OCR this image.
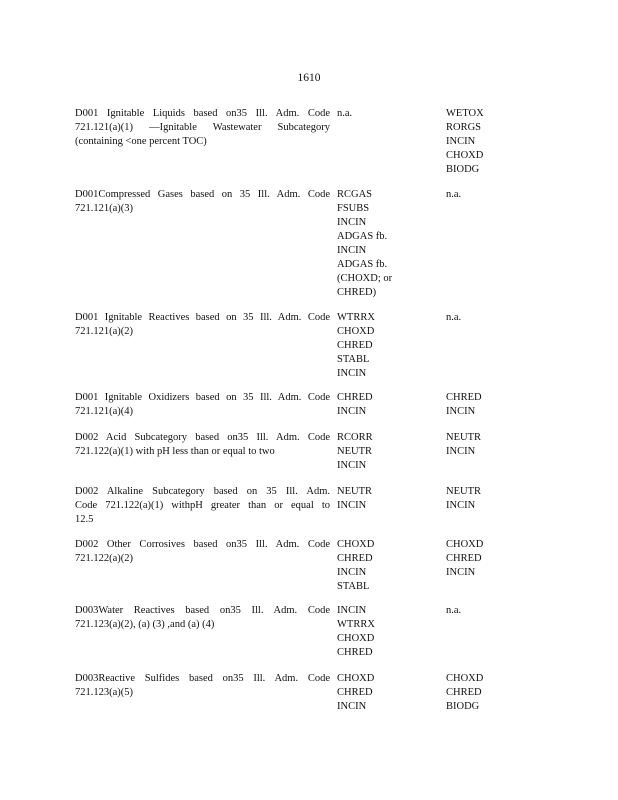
1610
D001 Ignitable Liquids based on35 Ill. Adm. Code
721.121(a)(1) —Ignitable Wastewater Subcategory
(containing <one percent TOC)
n.a.	WETOX
RORGS
INCIN
CHOXD
BIODG
D001Compressed Gases based on 35 Ill. Adm. Code
721.121(a)(3)
RCGAS
FSUBS
INCIN
ADGAS fb.
INCIN
ADGAS fb.
(CHOXD; or
CHRED)
n.a.
D001 Ignitable Reactives based on 35 Ill. Adm. Code
721.121(a)(2)
WTRRX
CHOXD
CHRED
STABL
INCIN
n.a.
D001 Ignitable Oxidizers based on 35 Ill. Adm. Code
721.121(a)(4)
CHRED
INCIN
CHRED
INCIN
D002 Acid Subcategory based on35 Ill. Adm. Code
721.122(a)(1) with pH less than or equal to two
RCORR
NEUTR
INCIN
NEUTR
INCIN
D002 Alkaline Subcategory based on 35 Ill. Adm.
Code 721.122(a)(1) withpH greater than or equal to
12.5
NEUTR
INCIN
NEUTR
INCIN
D002 Other Corrosives based on35 Ill. Adm. Code
721.122(a)(2)
CHOXD
CHRED
INCIN
STABL
CHOXD
CHRED
INCIN
D003Water Reactives based on35 Ill. Adm. Code
721.123(a)(2), (a) (3) ,and (a) (4)
INCIN
WTRRX
CHOXD
CHRED
n.a.
D003Reactive Sulfides based on35 Ill. Adm. Code
721.123(a)(5)
CHOXD
CHRED
INCIN
CHOXD
CHRED
BIODG
